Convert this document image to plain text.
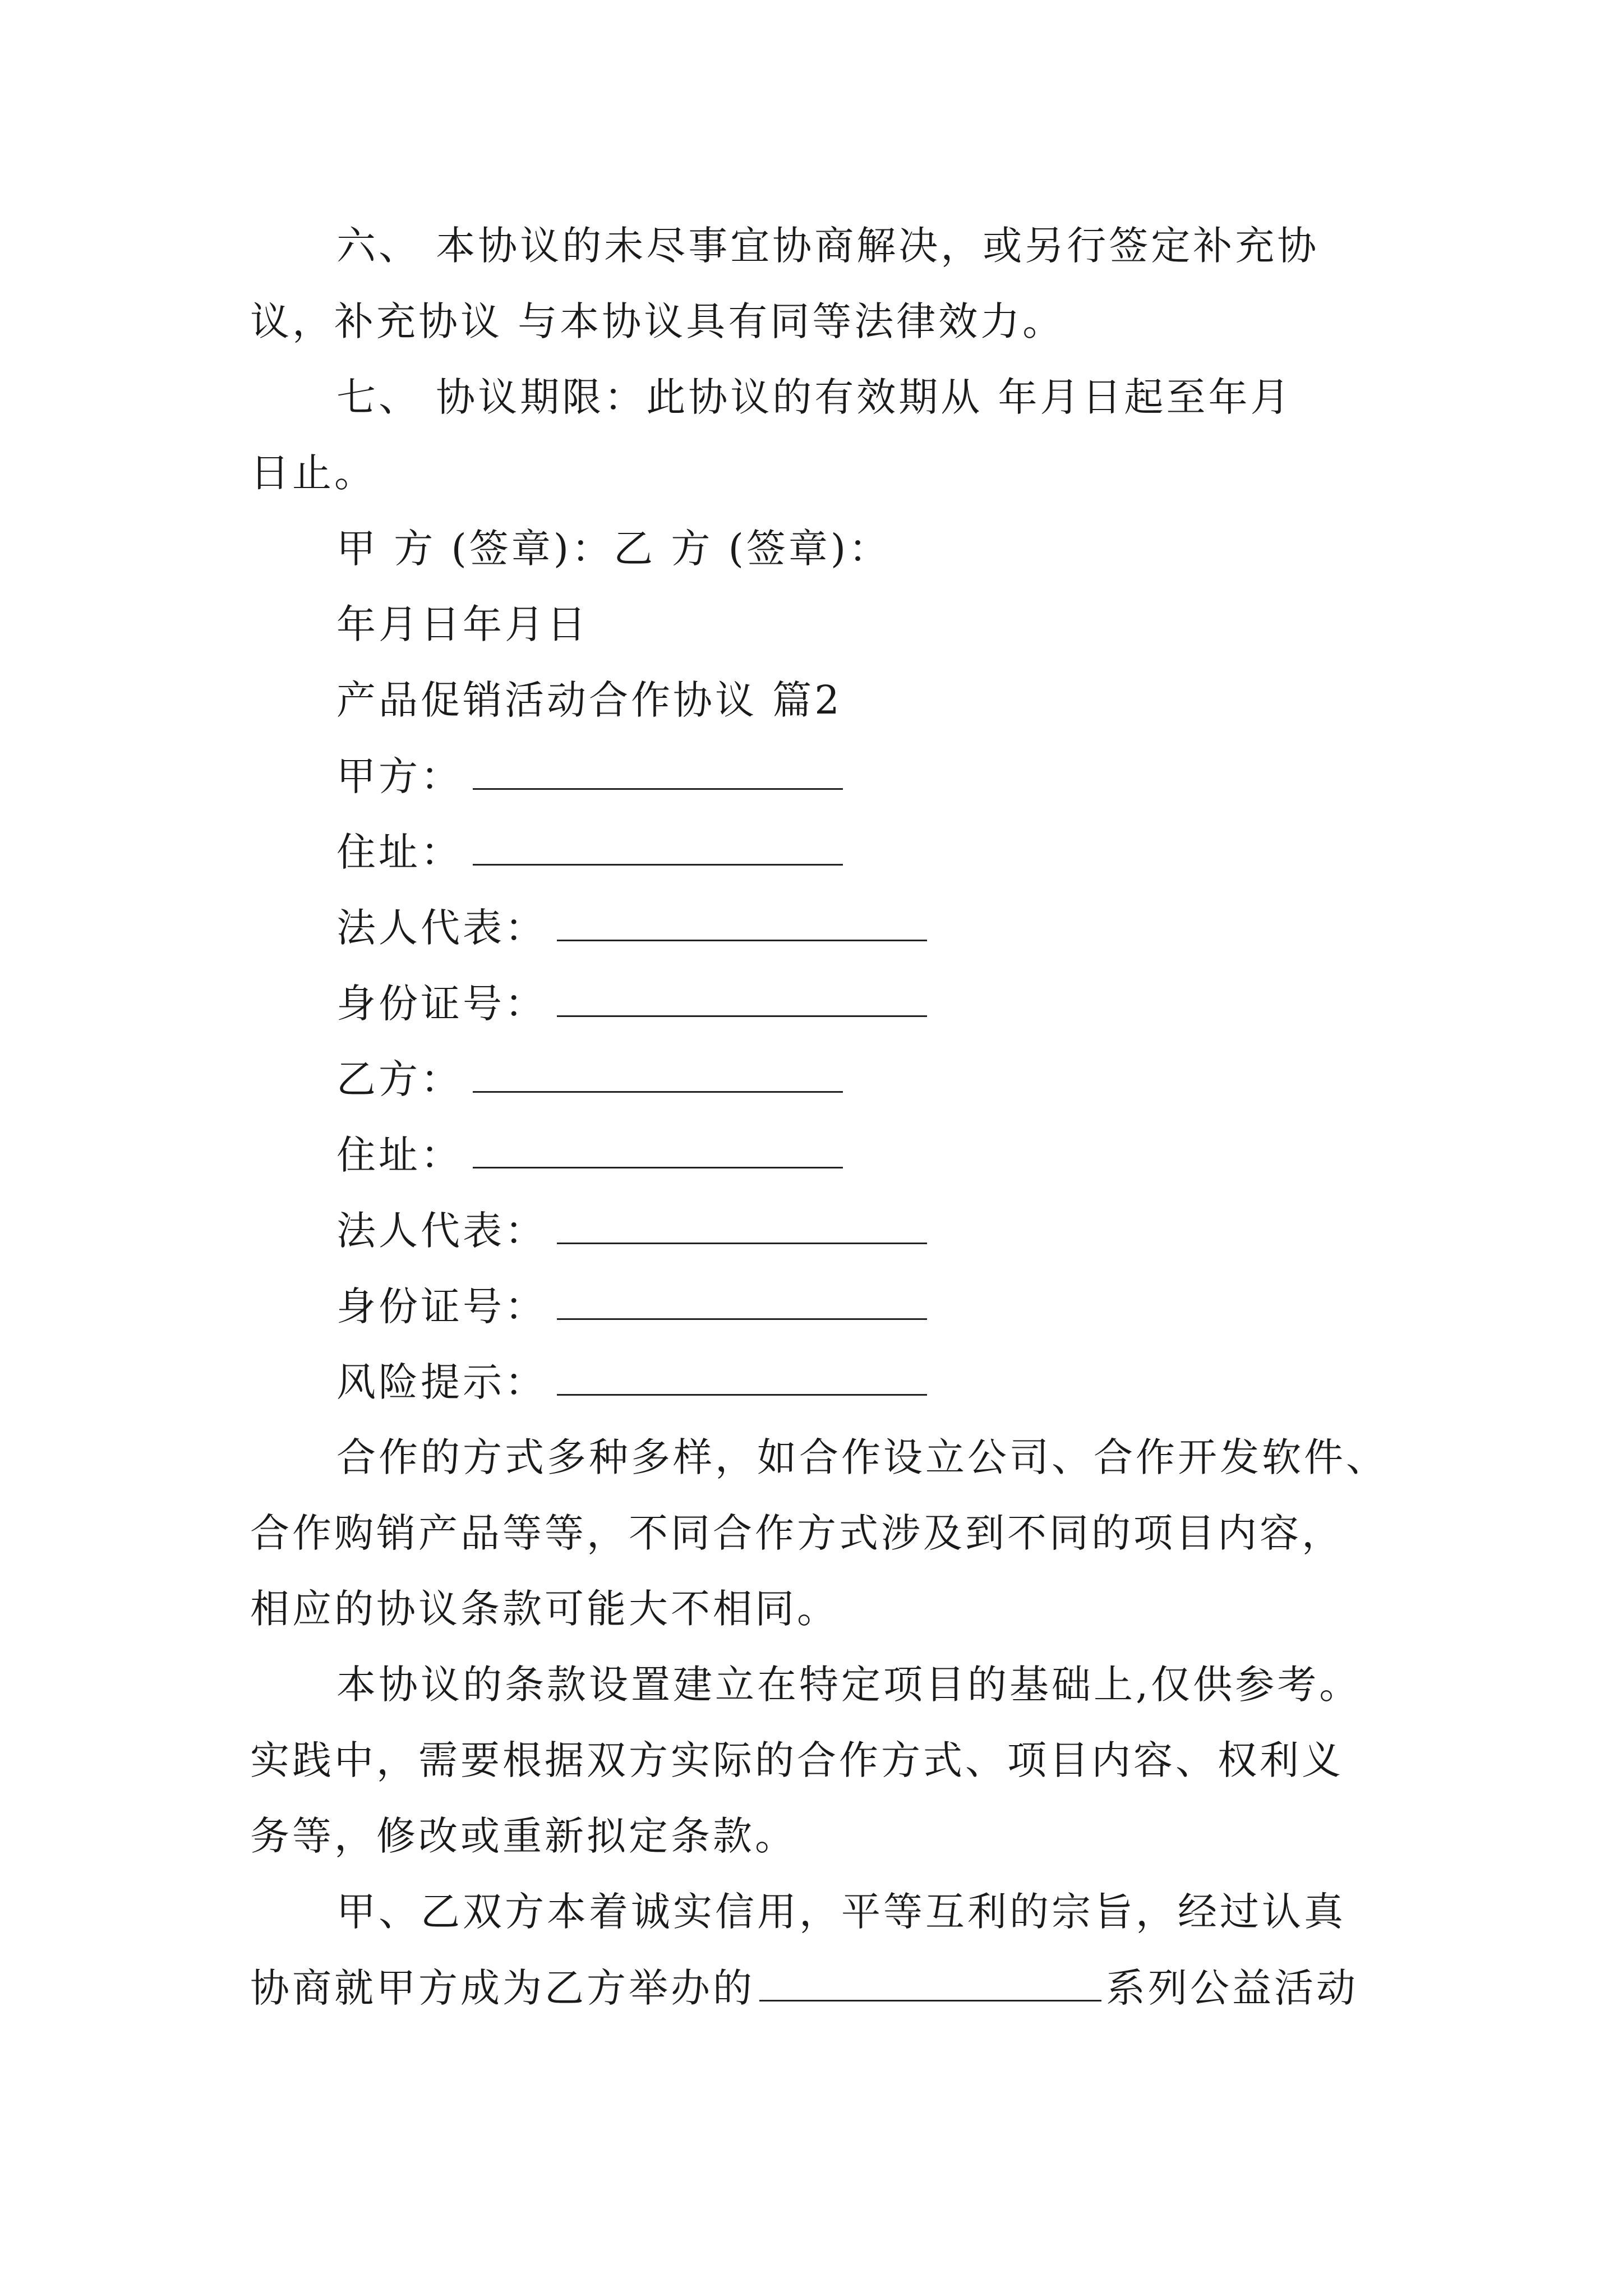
六、 本协议的未尽事宜协商解决，或另行签定补充协
议，补充协议 与本协议具有同等法律效力。
七、 协议期限：此协议的有效期从 年月日起至年月
日止。
甲 方 (签章)：乙 方 (签章)：
年月日年月日
产品促销活动合作协议 篇2
甲方：
住址：
法人代表：
身份证号：
乙方：
住址：
法人代表：
身份证号：
风险提示：
合作的方式多种多样，如合作设立公司、合作开发软件、
合作购销产品等等，不同合作方式涉及到不同的项目内容，
相应的协议条款可能大不相同。
本协议的条款设置建立在特定项目的基础上,仅供参考。
实践中，需要根据双方实际的合作方式、项目内容、权利义
务等，修改或重新拟定条款。
甲、乙双方本着诚实信用，平等互利的宗旨，经过认真
协商就甲方成为乙方举办的	系列公益活动
